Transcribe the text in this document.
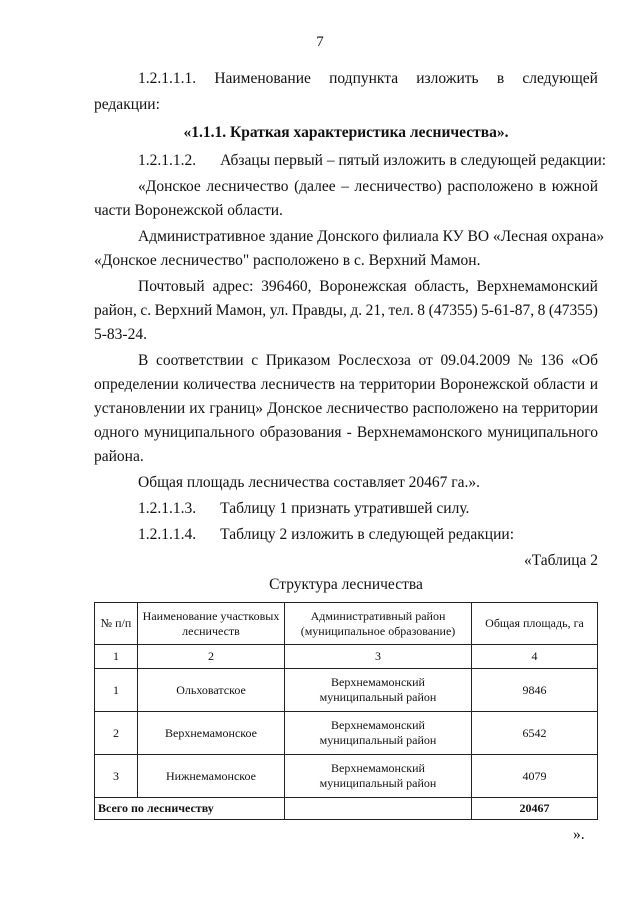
7
1.2.1.1.1. Наименование подпункта изложить в следующей
редакции:
«1.1.1. Краткая характеристика лесничества».
1.2.1.1.2. Абзацы первый – пятый изложить в следующей редакции:
«Донское лесничество (далее – лесничество) расположено в южной
части Воронежской области.
Административное здание Донского филиала КУ ВО «Лесная охрана»
«Донское лесничество" расположено в с. Верхний Мамон.
Почтовый адрес: 396460, Воронежская область, Верхнемамонский
район, с. Верхний Мамон, ул. Правды, д. 21, тел. 8 (47355) 5-61-87, 8 (47355)
5-83-24.
В соответствии с Приказом Рослесхоза от 09.04.2009 № 136 «Об
определении количества лесничеств на территории Воронежской области и
установлении их границ» Донское лесничество расположено на территории
одного муниципального образования - Верхнемамонского муниципального
района.
Общая площадь лесничества составляет 20467 га.».
1.2.1.1.3. Таблицу 1 признать утратившей силу.
1.2.1.1.4. Таблицу 2 изложить в следующей редакции:
«Таблица 2
Структура лесничества
№ п/п	Наименование участковых лесничеств	Административный район (муниципальное образование)	Общая площадь, га
1	2	3	4
1	Ольховатское	Верхнемамонский муниципальный район	9846
2	Верхнемамонское	Верхнемамонский муниципальный район	6542
3	Нижнемамонское	Верхнемамонский муниципальный район	4079
Всего по лесничеству			20467
».
